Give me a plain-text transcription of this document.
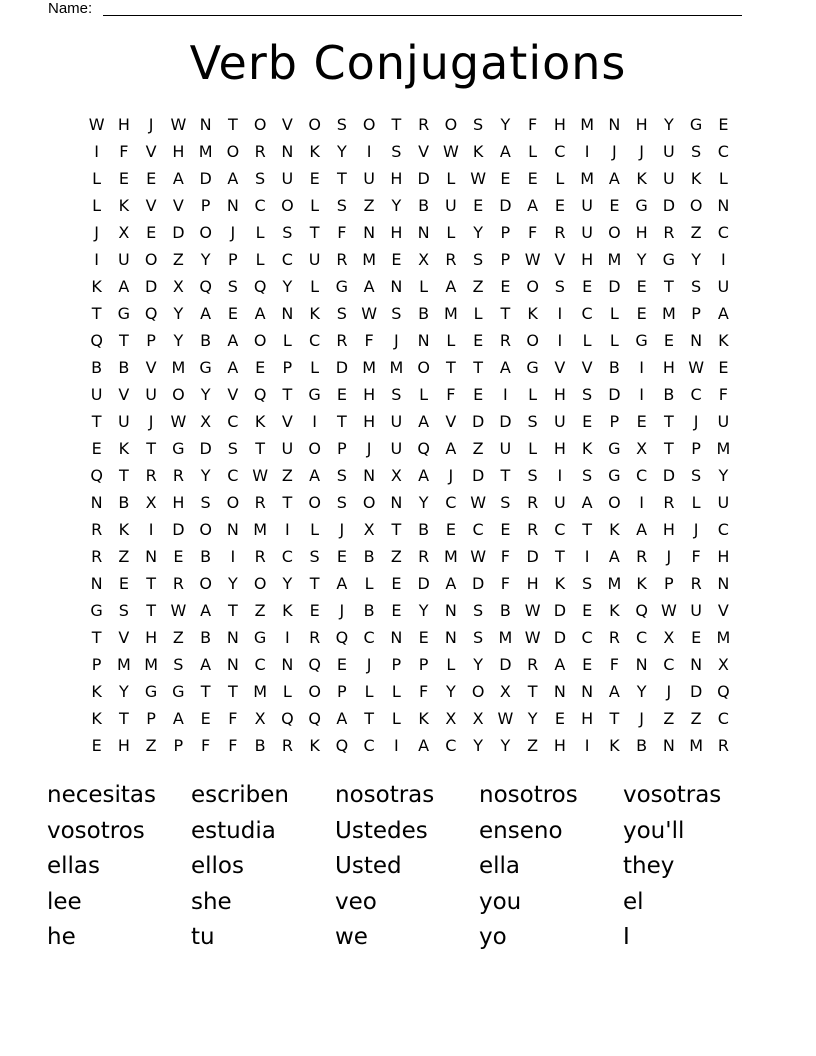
Name:
Verb Conjugations
W H	J	W N	T	O V O S O	T	R O S	Y	F	H M N H	Y	G E
I	F	V H M O R N	K	Y	I	S	V W K	A	L	C	I	J	J	U	S	C
L	E	E	A D A	S	U	E	T	U H D	L W E	E	L M A	K	U	K	L
L	K	V	V	P	N C O	L	S	Z	Y	B U	E	D A	E	U	E	G D O N
J	X	E	D O	J	L	S	T	F	N H N	L	Y	P	F	R U O H R	Z	C
I	U O Z	Y	P	L	C U R M E	X	R	S	P W V H M Y	G	Y	I
K	A D X Q S Q	Y	L	G A N	L	A	Z	E O S	E	D	E	T	S	U
T	G Q	Y	A	E	A N	K	S W S	B M L	T	K	I	C	L	E M P	A
Q	T	P	Y	B	A O	L	C	R	F	J	N	L	E	R O	I	L	L	G E	N	K
B	B	V M G A	E	P	L	D M M O	T	T	A G V	V	B	I	H W E
U V U O	Y	V Q	T	G E	H	S	L	F	E	I	L	H	S	D	I	B	C	F
T	U	J	W X	C	K	V	I	T	H U A	V D D	S	U	E	P	E	T	J	U
E	K	T	G D	S	T	U O	P	J	U Q A	Z U	L	H K G X	T	P M
Q	T	R	R	Y	C W Z	A	S	N X	A	J	D	T	S	I	S G C D	S	Y
N B	X H	S O R	T	O S O N	Y	C W S	R U A O	I	R	L	U
R	K	I	D O N M	I	L	J	X	T	B	E	C	E	R	C	T	K	A H	J	C
R	Z N	E	B	I	R	C	S	E	B	Z	R M W F	D	T	I	A	R	J	F	H
N	E	T	R O	Y	O	Y	T	A	L	E	D A D	F	H K	S M K	P	R N
G S	T W A	T	Z	K	E	J	B	E	Y	N	S	B W D	E	K Q W U V
T	V H Z	B N G	I	R Q C N	E	N	S M W D C	R	C	X	E M
P M M S	A N C N Q E	J	P	P	L	Y	D R	A	E	F	N C N X
K	Y	G G	T	T M L	O	P	L	L	F	Y	O X	T	N N A	Y	J	D Q
K	T	P	A	E	F	X Q Q A	T	L	K	X	X W Y	E	H	T	J	Z	Z	C
E	H Z	P	F	F	B	R	K Q C	I	A	C	Y	Y	Z H	I	K	B N M R
necesitas	escriben	nosotras	nosotros	vosotras
vosotros	estudia	Ustedes	enseno	you'll
ellas	ellos	Usted	ella	they
lee	she	veo	you	el
he	tu	we	yo	I
